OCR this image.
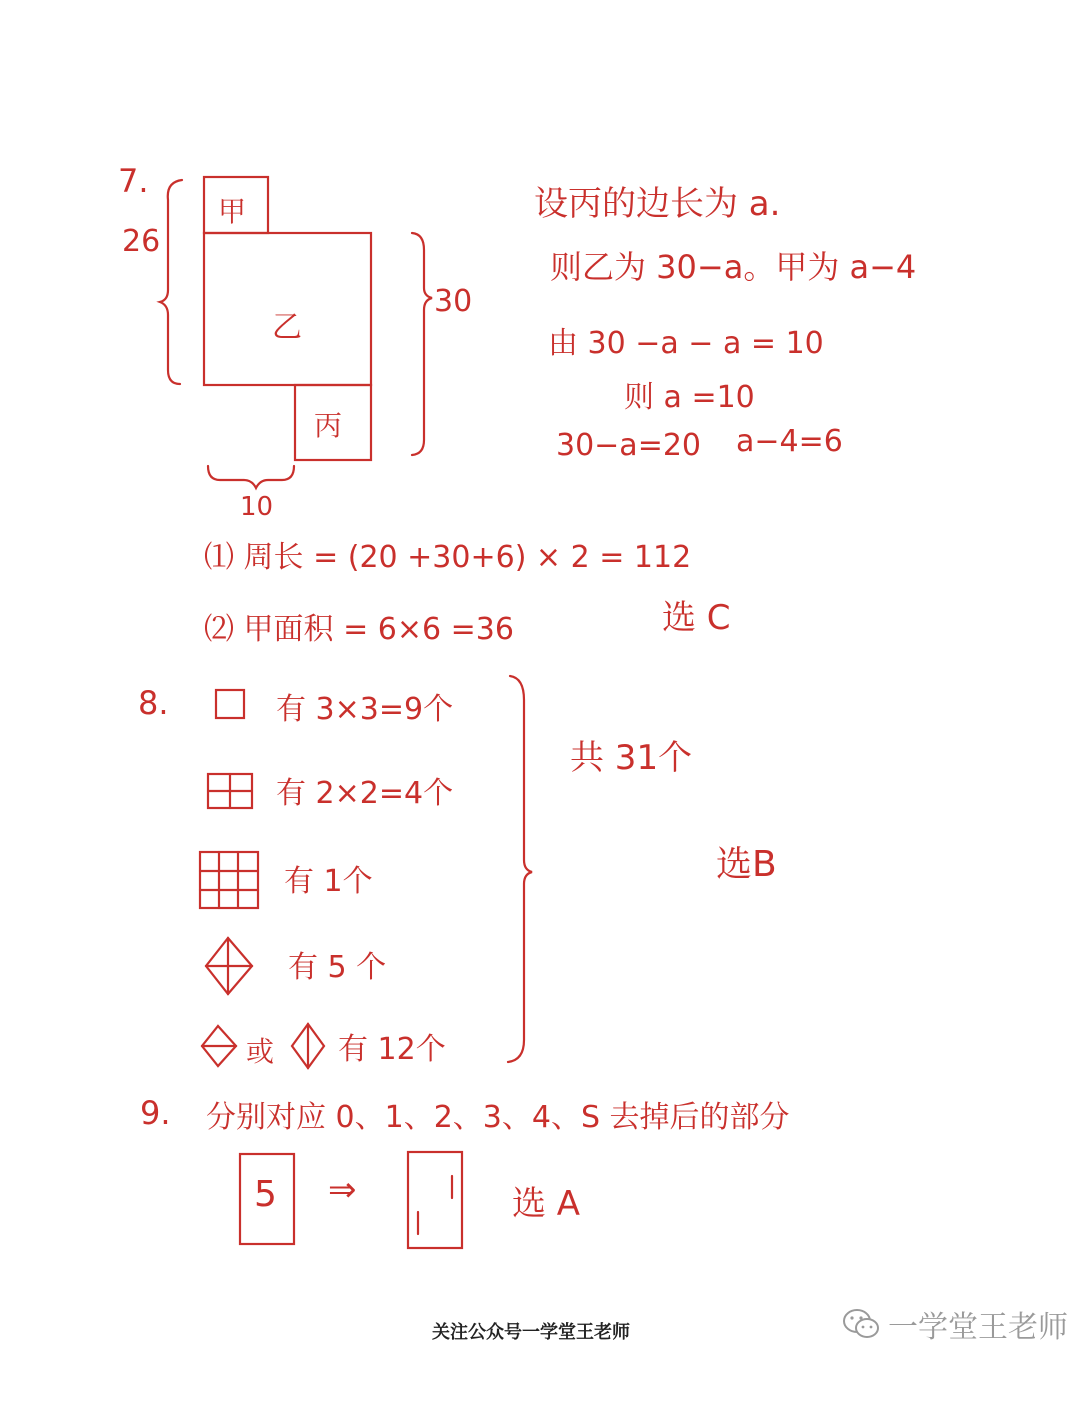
7.
26
30
10
甲
乙
丙
设丙的边长为 a.
则乙为 30−a。甲为 a−4
由 30 −a − a = 10
则 a =10
30−a=20 a−4=6
⑴ 周长 = (20 +30+6) × 2 = 112
⑵ 甲面积 = 6×6 =36	选 C
8.	有 3×3=9个
有 2×2=4个
有 1个
有 5 个
或 有 12个
共 31个
选B
9. 分别对应 0、1、2、3、4、S 去掉后的部分
5 ⇒	选 A
关注公众号一学堂王老师	一学堂王老师
